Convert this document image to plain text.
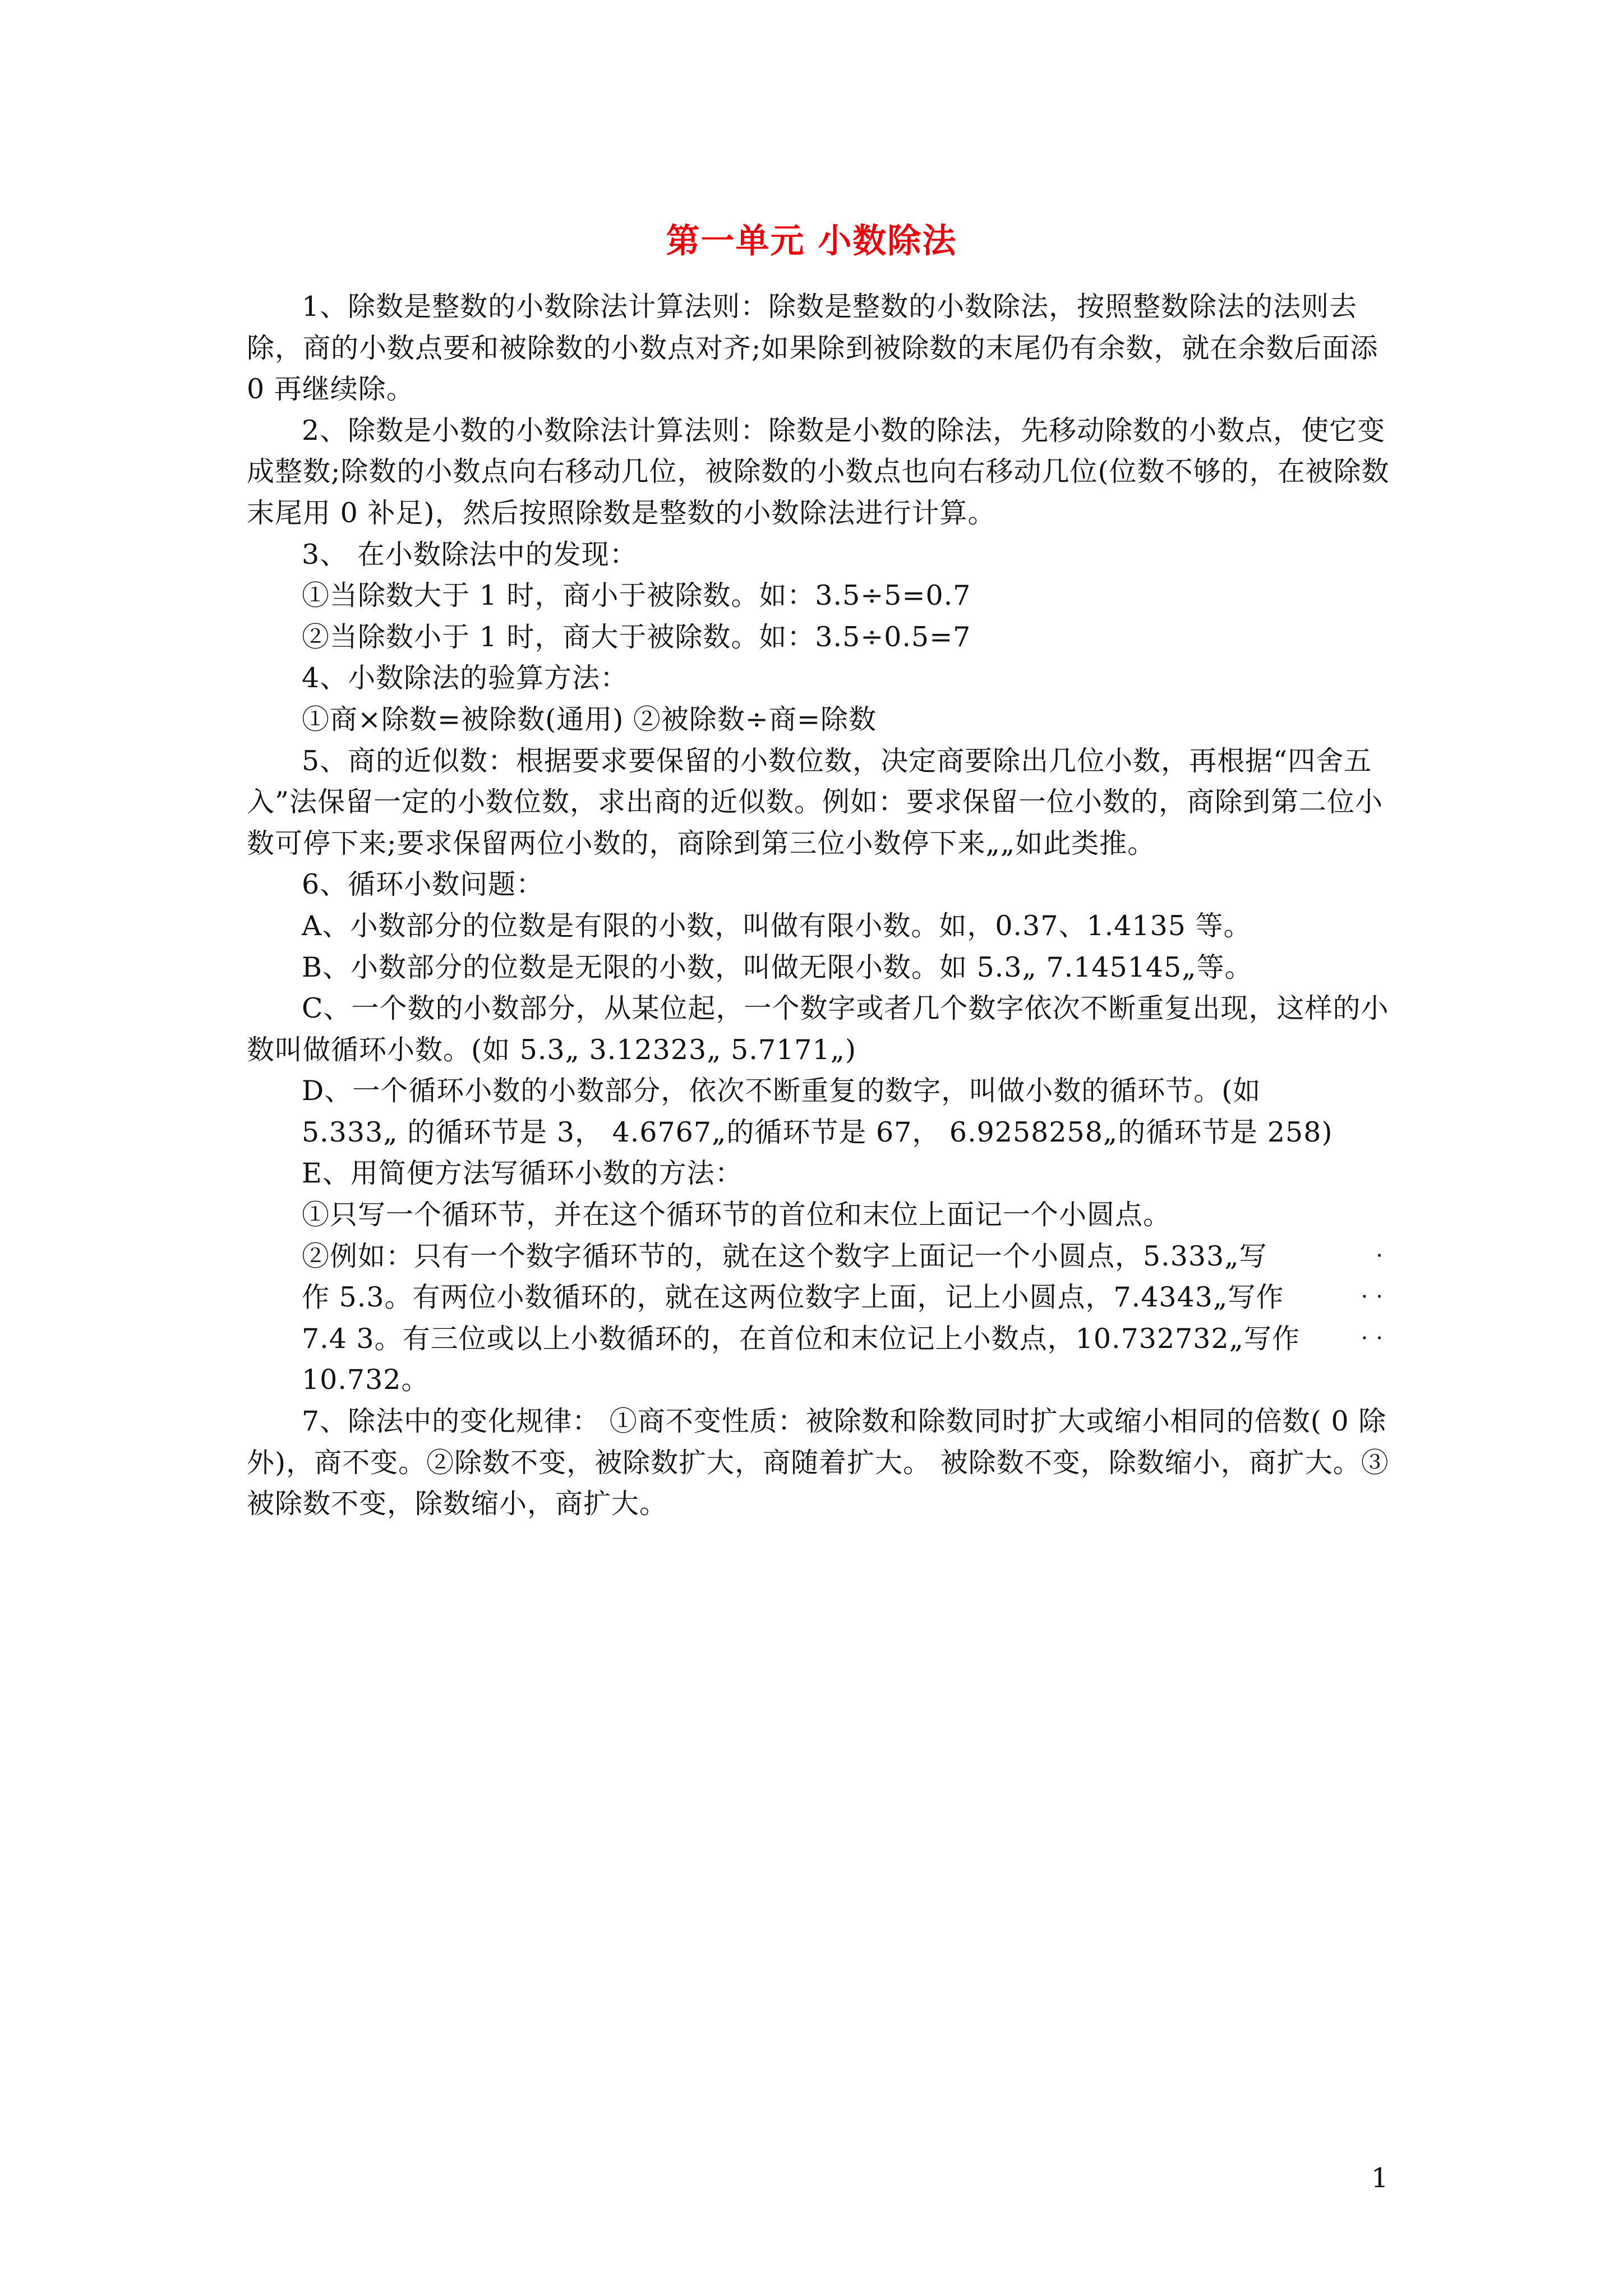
第一单元 小数除法

1、除数是整数的小数除法计算法则：除数是整数的小数除法，按照整数除法的法则去除，商的小数点要和被除数的小数点对齐;如果除到被除数的末尾仍有余数，就在余数后面添 0 再继续除。

2、除数是小数的小数除法计算法则：除数是小数的除法，先移动除数的小数点，使它变成整数;除数的小数点向右移动几位，被除数的小数点也向右移动几位(位数不够的，在被除数末尾用 0 补足)，然后按照除数是整数的小数除法进行计算。

3、 在小数除法中的发现：

①当除数大于 1 时，商小于被除数。如：3.5÷5=0.7

②当除数小于 1 时，商大于被除数。如：3.5÷0.5=7

4、小数除法的验算方法：

①商×除数=被除数(通用) ②被除数÷商=除数

5、商的近似数：根据要求要保留的小数位数，决定商要除出几位小数，再根据“四舍五入”法保留一定的小数位数，求出商的近似数。例如：要求保留一位小数的，商除到第二位小数可停下来;要求保留两位小数的，商除到第三位小数停下来„„如此类推。

6、循环小数问题：

A、小数部分的位数是有限的小数，叫做有限小数。如，0.37、1.4135 等。

B、小数部分的位数是无限的小数，叫做无限小数。如 5.3„ 7.145145„等。

C、一个数的小数部分，从某位起，一个数字或者几个数字依次不断重复出现，这样的小数叫做循环小数。(如 5.3„ 3.12323„ 5.7171„)

D、一个循环小数的小数部分，依次不断重复的数字，叫做小数的循环节。(如

5.333„ 的循环节是 3， 4.6767„的循环节是 67， 6.9258258„的循环节是 258)

E、用简便方法写循环小数的方法：

①只写一个循环节，并在这个循环节的首位和末位上面记一个小圆点。

②例如：只有一个数字循环节的，就在这个数字上面记一个小圆点，5.333„写	·
作 5.3。有两位小数循环的，就在这两位数字上面，记上小圆点，7.4343„写作	··
7.4 3。有三位或以上小数循环的，在首位和末位记上小数点，10.732732„写作	··

10.732。

7、除法中的变化规律： ①商不变性质：被除数和除数同时扩大或缩小相同的倍数( 0 除外)，商不变。②除数不变，被除数扩大，商随着扩大。 被除数不变，除数缩小，商扩大。③被除数不变，除数缩小，商扩大。

1
